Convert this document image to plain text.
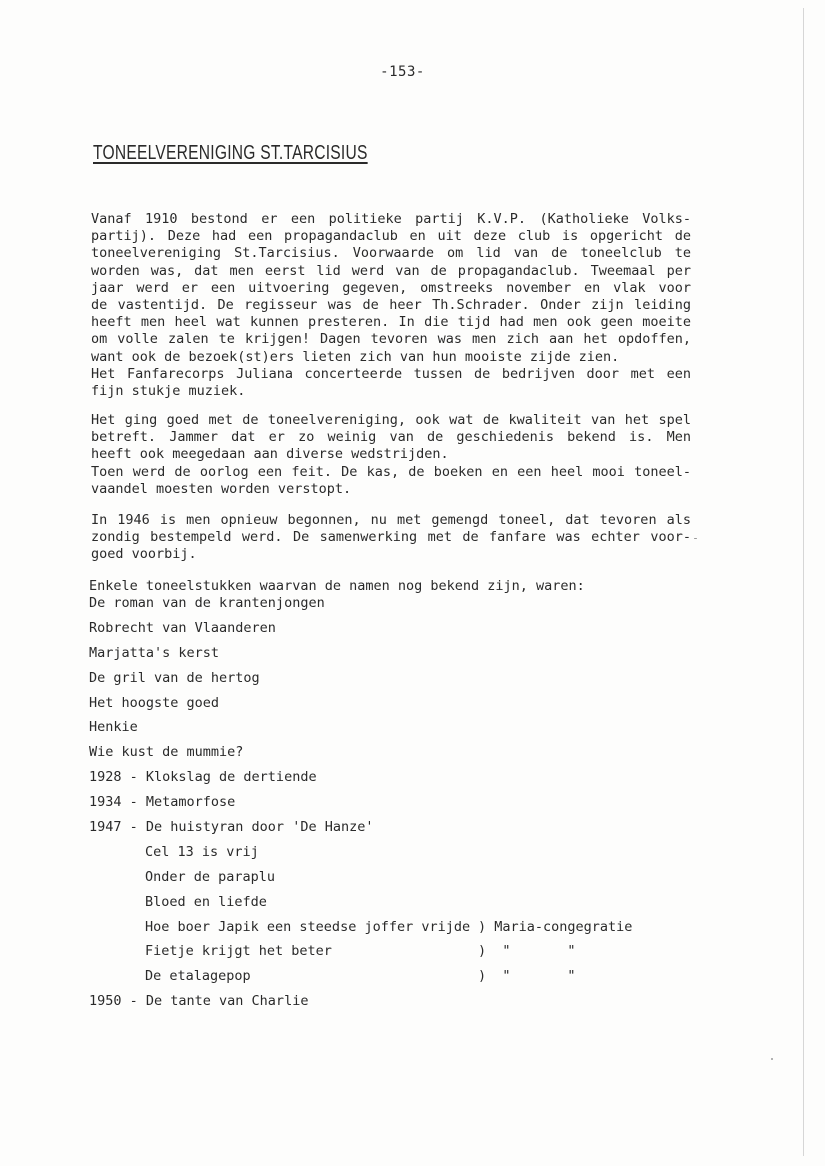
-153-
TONEELVERENIGING ST.TARCISIUS
Vanaf 1910 bestond er een politieke partij K.V.P. (Katholieke Volks-
partij). Deze had een propagandaclub en uit deze club is opgericht de
toneelvereniging St.Tarcisius. Voorwaarde om lid van de toneelclub te
worden was, dat men eerst lid werd van de propagandaclub. Tweemaal per
jaar werd er een uitvoering gegeven, omstreeks november en vlak voor
de vastentijd. De regisseur was de heer Th.Schrader. Onder zijn leiding
heeft men heel wat kunnen presteren. In die tijd had men ook geen moeite
om volle zalen te krijgen! Dagen tevoren was men zich aan het opdoffen,
want ook de bezoek(st)ers lieten zich van hun mooiste zijde zien.
Het Fanfarecorps Juliana concerteerde tussen de bedrijven door met een
fijn stukje muziek.
Het ging goed met de toneelvereniging, ook wat de kwaliteit van het spel
betreft. Jammer dat er zo weinig van de geschiedenis bekend is. Men
heeft ook meegedaan aan diverse wedstrijden.
Toen werd de oorlog een feit. De kas, de boeken en een heel mooi toneel-
vaandel moesten worden verstopt.
In 1946 is men opnieuw begonnen, nu met gemengd toneel, dat tevoren als
zondig bestempeld werd. De samenwerking met de fanfare was echter voor-
goed voorbij.
Enkele toneelstukken waarvan de namen nog bekend zijn, waren:
De roman van de krantenjongen
Robrecht van Vlaanderen
Marjatta's kerst
De gril van de hertog
Het hoogste goed
Henkie
Wie kust de mummie?
1928 - Klokslag de dertiende
1934 - Metamorfose
1947 - De huistyran door 'De Hanze'
Cel 13 is vrij
Onder de paraplu
Bloed en liefde
Hoe boer Japik een steedse joffer vrijde
Fietje krijgt het beter
De etalagepop
1950 - De tante van Charlie
) Maria-congegratie
)  "       "
)  "       "
